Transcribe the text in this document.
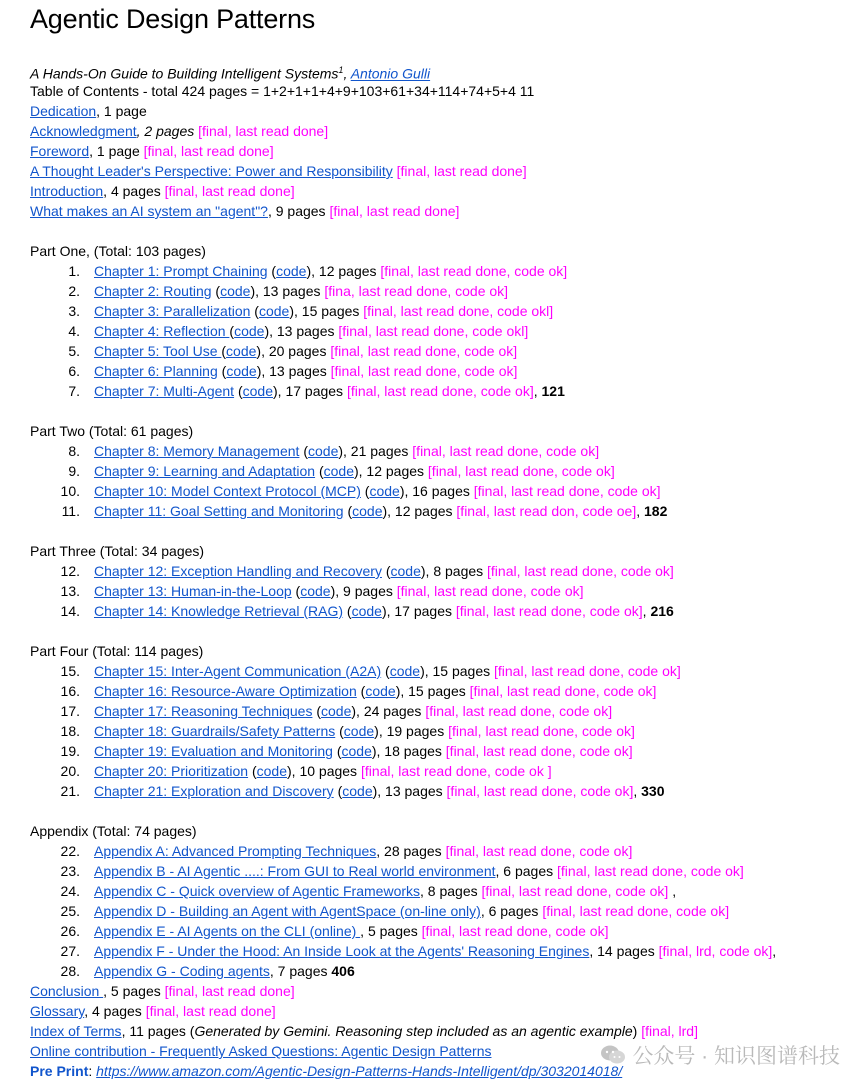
Agentic Design Patterns
A Hands-On Guide to Building Intelligent Systems$^1$, Antonio Gulli
Table of Contents - total 424 pages = 1+2+1+1+4+9+103+61+34+114+74+5+4 11
Dedication, 1 page
Acknowledgment, 2 pages [final, last read done]
Foreword, 1 page [final, last read done]
A Thought Leader's Perspective: Power and Responsibility [final, last read done]
Introduction, 4 pages [final, last read done]
What makes an AI system an "agent"?, 9 pages [final, last read done]
Part One, (Total: 103 pages)
1. Chapter 1: Prompt Chaining (code), 12 pages [final, last read done, code ok]
2. Chapter 2: Routing (code), 13 pages [fina, last read done, code ok]
3. Chapter 3: Parallelization (code), 15 pages [final, last read done, code okl]
4. Chapter 4: Reflection (code), 13 pages [final, last read done, code okl]
5. Chapter 5: Tool Use (code), 20 pages [final, last read done, code ok]
6. Chapter 6: Planning (code), 13 pages [final, last read done, code ok]
7. Chapter 7: Multi-Agent (code), 17 pages [final, last read done, code ok], 121
Part Two (Total: 61 pages)
8. Chapter 8: Memory Management (code), 21 pages [final, last read done, code ok]
9. Chapter 9: Learning and Adaptation (code), 12 pages [final, last read done, code ok]
10. Chapter 10: Model Context Protocol (MCP) (code), 16 pages [final, last read done, code ok]
11. Chapter 11: Goal Setting and Monitoring (code), 12 pages [final, last read don, code oe], 182
Part Three (Total: 34 pages)
12. Chapter 12: Exception Handling and Recovery (code), 8 pages [final, last read done, code ok]
13. Chapter 13: Human-in-the-Loop (code), 9 pages [final, last read done, code ok]
14. Chapter 14: Knowledge Retrieval (RAG) (code), 17 pages [final, last read done, code ok], 216
Part Four (Total: 114 pages)
15. Chapter 15: Inter-Agent Communication (A2A) (code), 15 pages [final, last read done, code ok]
16. Chapter 16: Resource-Aware Optimization (code), 15 pages [final, last read done, code ok]
17. Chapter 17: Reasoning Techniques (code), 24 pages [final, last read done, code ok]
18. Chapter 18: Guardrails/Safety Patterns (code), 19 pages [final, last read done, code ok]
19. Chapter 19: Evaluation and Monitoring (code), 18 pages [final, last read done, code ok]
20. Chapter 20: Prioritization (code), 10 pages [final, last read done, code ok ]
21. Chapter 21: Exploration and Discovery (code), 13 pages [final, last read done, code ok], 330
Appendix (Total: 74 pages)
22. Appendix A: Advanced Prompting Techniques, 28 pages [final, last read done, code ok]
23. Appendix B - AI Agentic ....: From GUI to Real world environment, 6 pages [final, last read done, code ok]
24. Appendix C - Quick overview of Agentic Frameworks, 8 pages [final, last read done, code ok] ,
25. Appendix D - Building an Agent with AgentSpace (on-line only), 6 pages [final, last read done, code ok]
26. Appendix E - AI Agents on the CLI (online) , 5 pages [final, last read done, code ok]
27. Appendix F - Under the Hood: An Inside Look at the Agents' Reasoning Engines, 14 pages [final, lrd, code ok],
28. Appendix G - Coding agents, 7 pages 406
Conclusion , 5 pages [final, last read done]
Glossary, 4 pages [final, last read done]
Index of Terms, 11 pages (Generated by Gemini. Reasoning step included as an agentic example) [final, lrd]
Online contribution - Frequently Asked Questions: Agentic Design Patterns
Pre Print: https://www.amazon.com/Agentic-Design-Patterns-Hands-Intelligent/dp/3032014018/
公众号 · 知识图谱科技
